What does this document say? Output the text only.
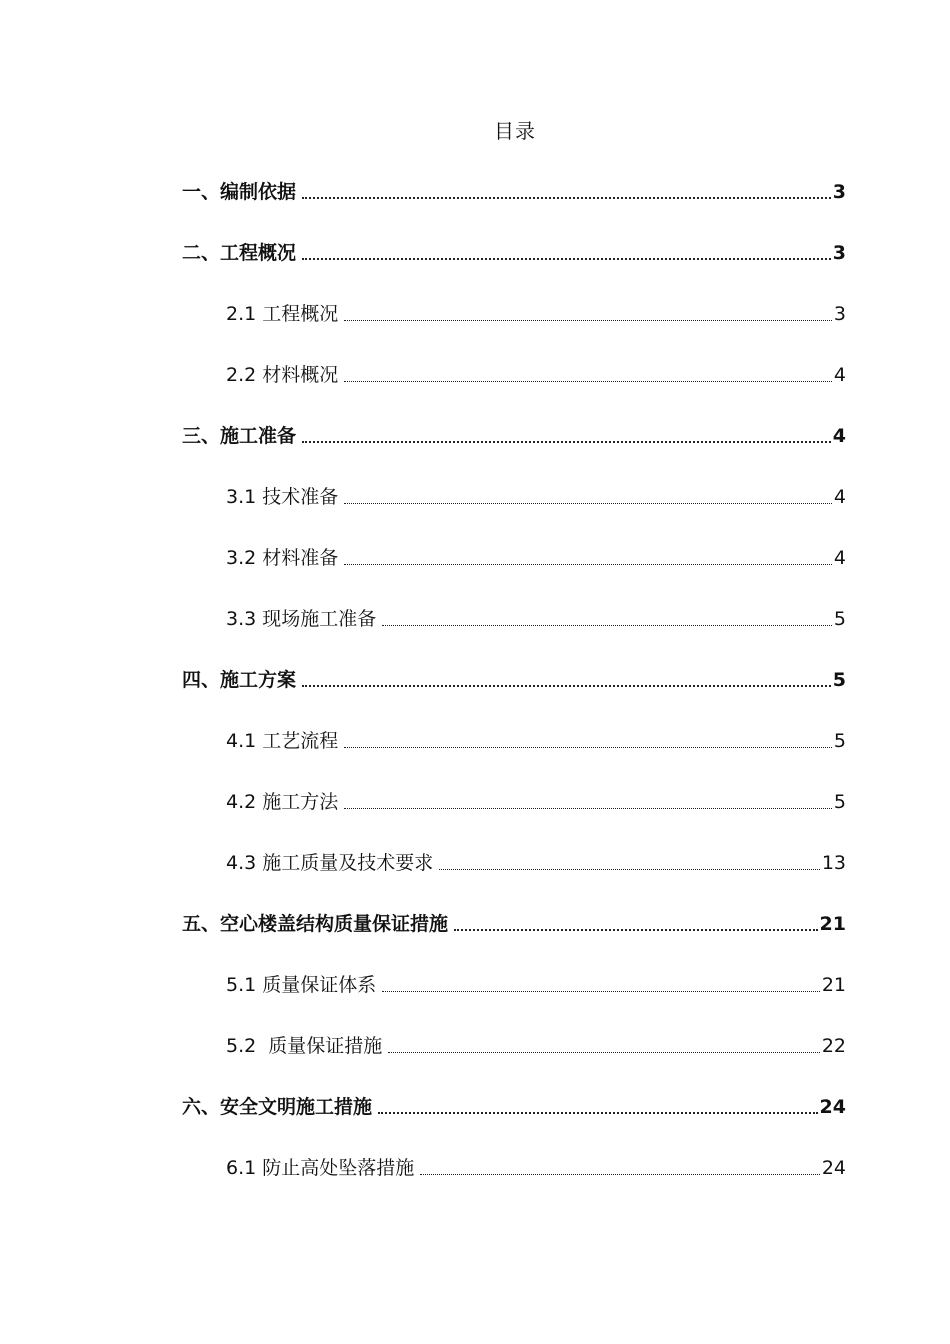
目录
一、编制依据	3
二、工程概况	3
2.1 工程概况	3
2.2 材料概况	4
三、施工准备	4
3.1 技术准备	4
3.2 材料准备	4
3.3 现场施工准备	5
四、施工方案	5
4.1 工艺流程	5
4.2 施工方法	5
4.3 施工质量及技术要求	13
五、空心楼盖结构质量保证措施	21
5.1 质量保证体系	21
5.2  质量保证措施	22
六、安全文明施工措施	24
6.1 防止高处坠落措施	24
